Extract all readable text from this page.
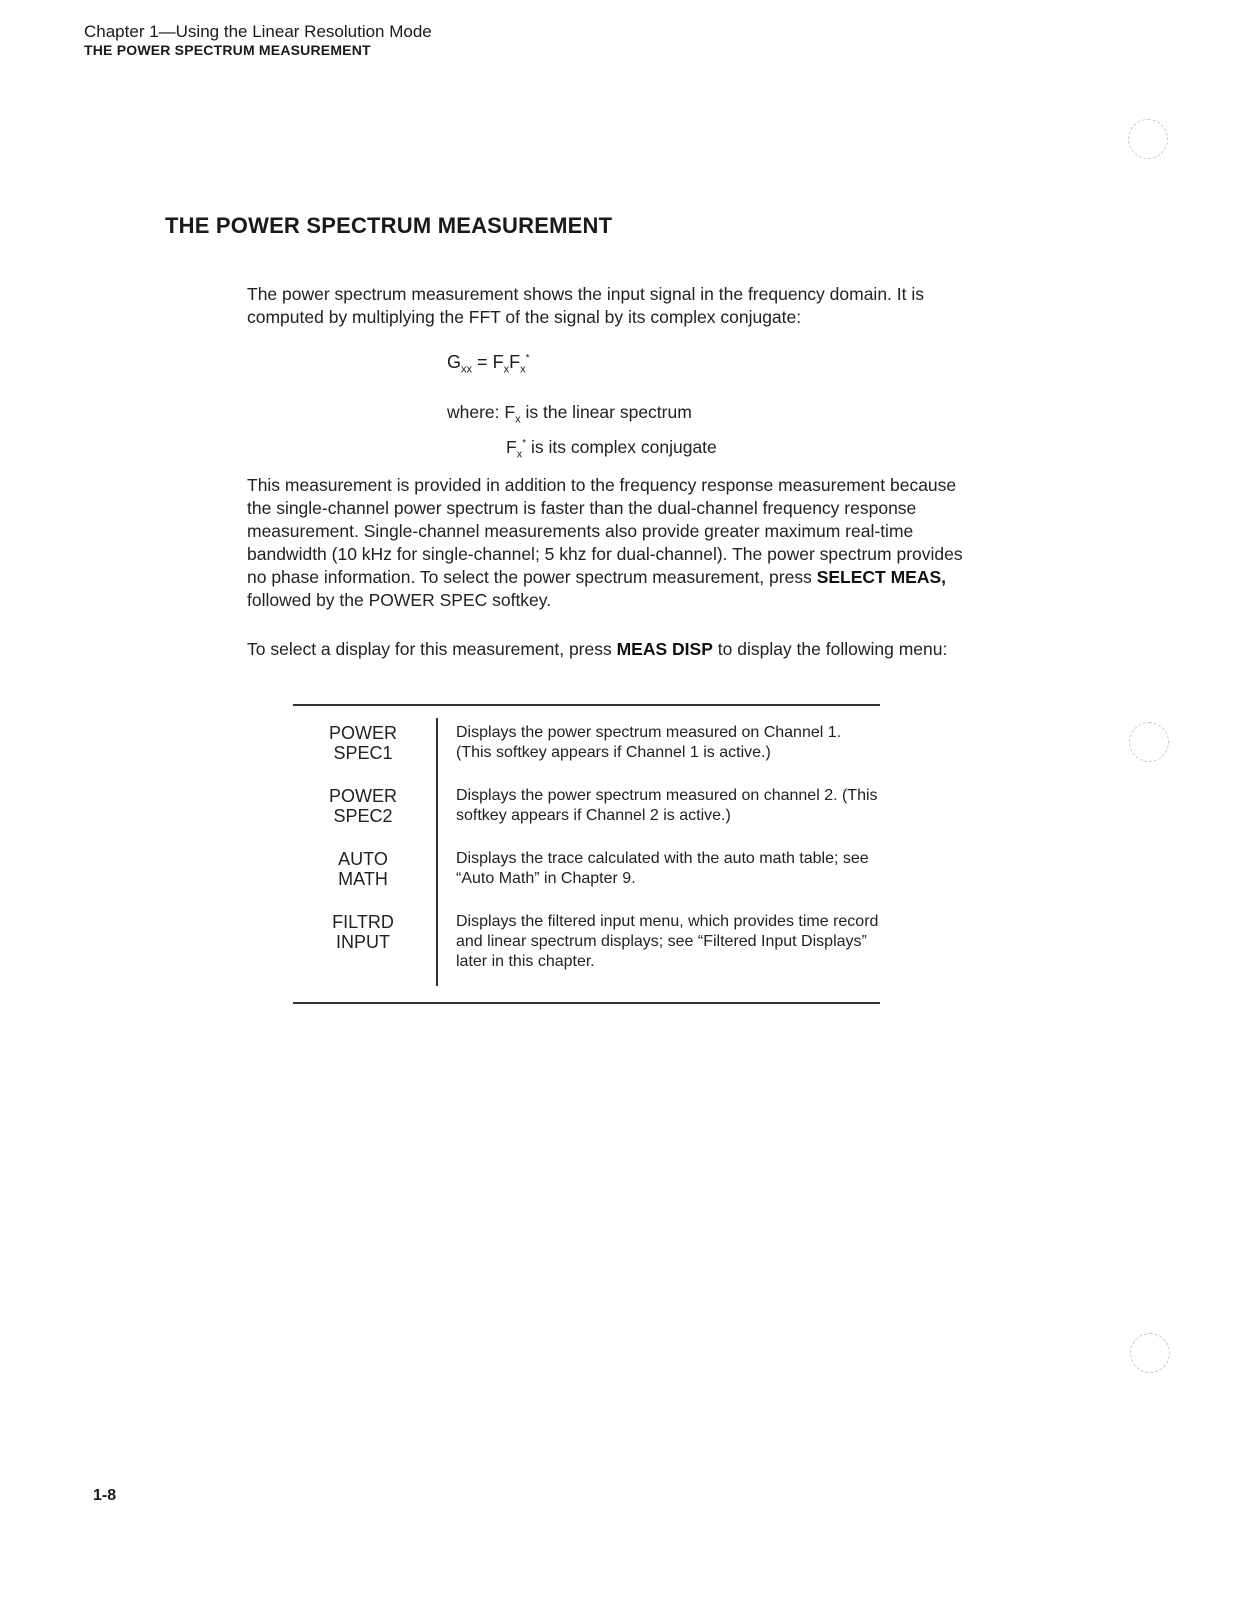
Chapter 1—Using the Linear Resolution Mode
THE POWER SPECTRUM MEASUREMENT
THE POWER SPECTRUM MEASUREMENT

The power spectrum measurement shows the input signal in the frequency domain. It is computed by multiplying the FFT of the signal by its complex conjugate:

$G_{xx} = F_xF_x^*$
where: $F_x$ is the linear spectrum
$F_x^*$ is its complex conjugate

This measurement is provided in addition to the frequency response measurement because the single-channel power spectrum is faster than the dual-channel frequency response measurement. Single-channel measurements also provide greater maximum real-time bandwidth (10 kHz for single-channel; 5 khz for dual-channel). The power spectrum provides no phase information. To select the power spectrum measurement, press SELECT MEAS, followed by the POWER SPEC softkey.

To select a display for this measurement, press MEAS DISP to display the following menu:

POWER
SPEC1
Displays the power spectrum measured on Channel 1. (This softkey appears if Channel 1 is active.)
POWER
SPEC2
Displays the power spectrum measured on channel 2. (This softkey appears if Channel 2 is active.)
AUTO
MATH
Displays the trace calculated with the auto math table; see “Auto Math” in Chapter 9.
FILTRD
INPUT
Displays the filtered input menu, which provides time record and linear spectrum displays; see “Filtered Input Displays” later in this chapter.
1-8
